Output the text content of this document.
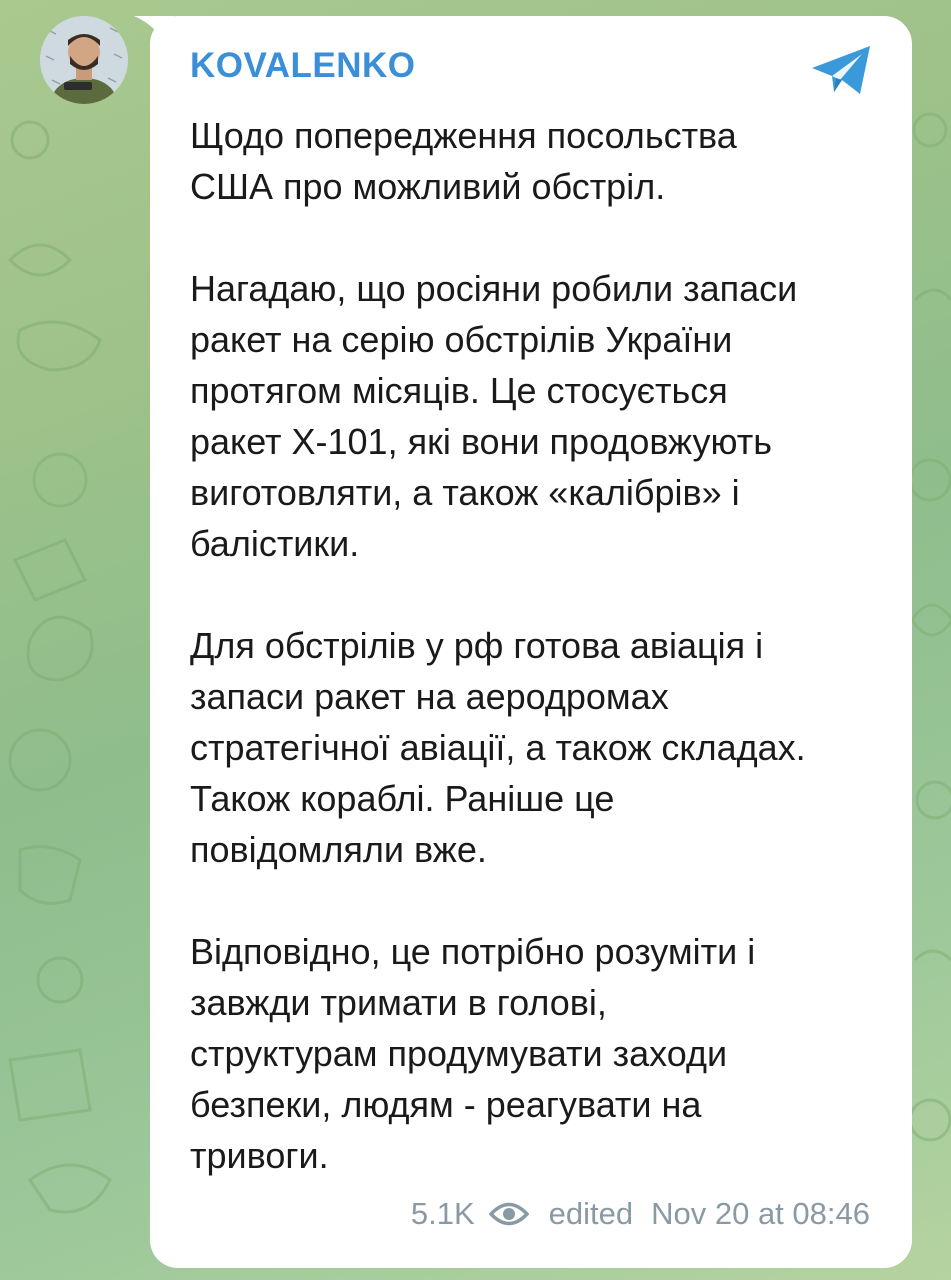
KOVALENKO

Щодо попередження посольства
США про можливий обстріл.

Нагадаю, що росіяни робили запаси
ракет на серію обстрілів України
протягом місяців. Це стосується
ракет Х-101, які вони продовжують
виготовляти, а також «калібрів» і
балістики.

Для обстрілів у рф готова авіація і
запаси ракет на аеродромах
стратегічної авіації, а також складах.
Також кораблі. Раніше це
повідомляли вже.

Відповідно, це потрібно розуміти і
завжди тримати в голові,
структурам продумувати заходи
безпеки, людям - реагувати на
тривоги.

5.1K edited Nov 20 at 08:46
